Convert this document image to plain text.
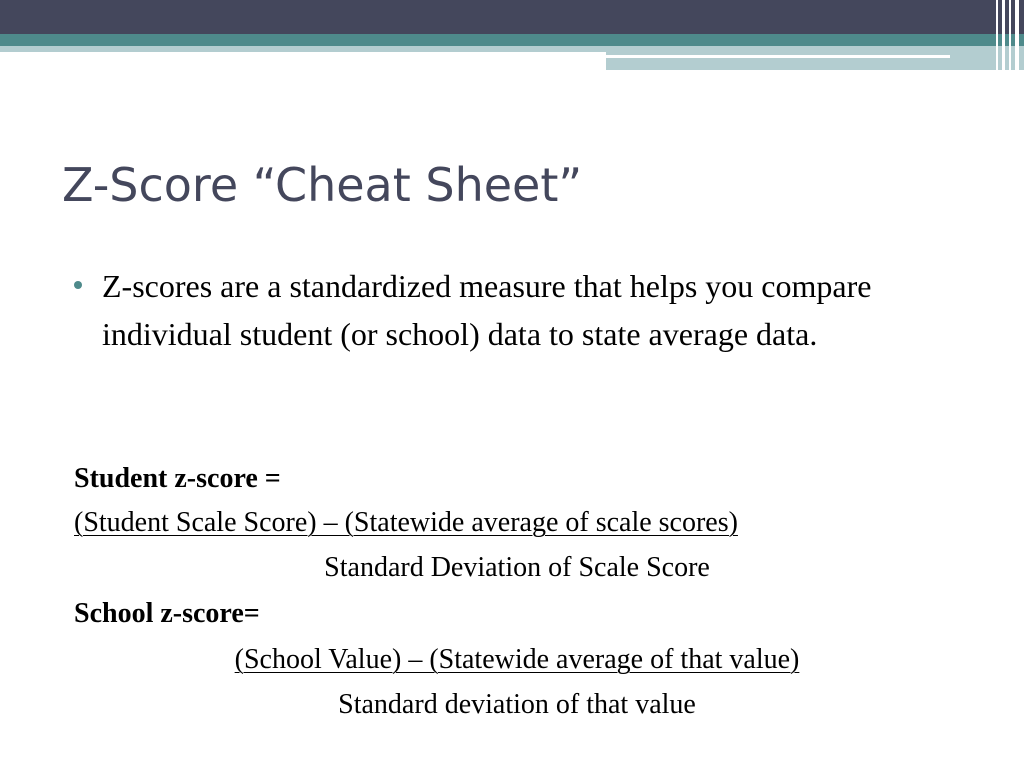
Z-Score “Cheat Sheet”
Z-scores are a standardized measure that helps you compare individual student (or school) data to state average data.
Student z-score =
(Student Scale Score) – (Statewide average of scale scores)
Standard Deviation of Scale Score
School z-score=
(School Value) – (Statewide average of that value)
Standard deviation of that value
